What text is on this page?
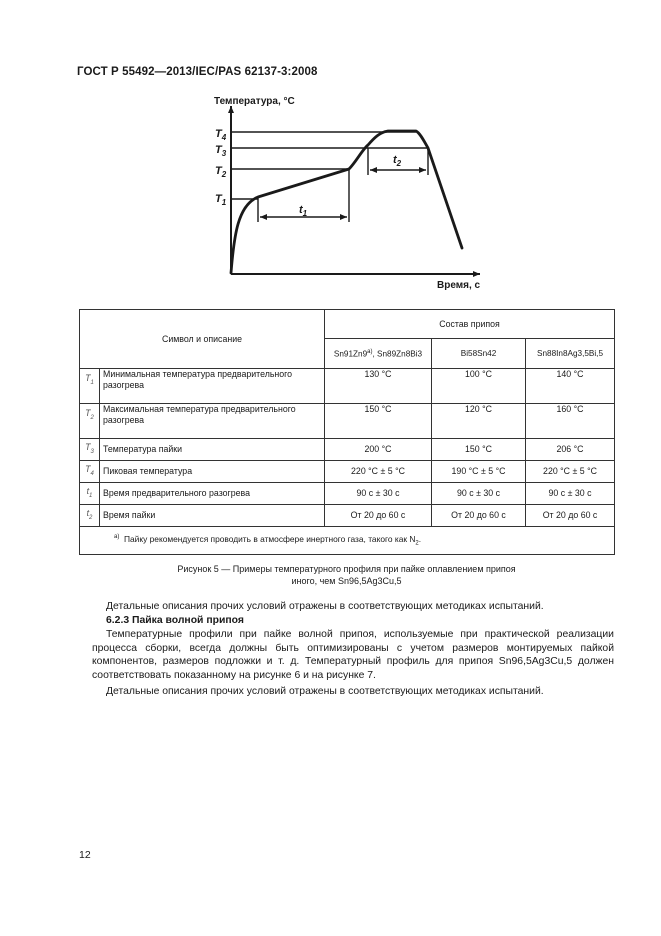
ГОСТ Р 55492—2013/IEC/PAS 62137-3:2008
Температура, °С
Время, с
$T_4$
$T_3$
$T_2$
$T_1$
$t_1$
$t_2$
Символ и описание		Состав припоя		
		$Sn91Zn9^{а)}$, Sn89Zn8Bi3	Bi58Sn42	Sn88In8Ag3,5Bi,5
$T_1$	Минимальная температура предварительного разогрева	130 °С	100 °С	140 °С
$T_2$	Максимальная температура предварительного разогрева	150 °С	120 °С	160 °С
$T_3$	Температура пайки	200 °С	150 °С	206 °С
$T_4$	Пиковая температура	220 °С ± 5 °С	190 °С ± 5 °С	220 °С ± 5 °С
$t_1$	Время предварительного разогрева	90 с ± 30 с	90 с ± 30 с	90 с ± 30 с
$t_2$	Время пайки	От 20 до 60 с	От 20 до 60 с	От 20 до 60 с
$^{а)}$ Пайку рекомендуется проводить в атмосфере инертного газа, такого как $N_2$.				
Рисунок 5 — Примеры температурного профиля при пайке оплавлением припоя
иного, чем Sn96,5Ag3Cu,5
Детальные описания прочих условий отражены в соответствующих методиках испытаний.
6.2.3 Пайка волной припоя
Температурные профили при пайке волной припоя, используемые при практической реализации процесса сборки, всегда должны быть оптимизированы с учетом размеров монтируемых пайкой компонентов, размеров подложки и т. д. Температурный профиль для припоя Sn96,5Ag3Cu,5 должен соответствовать показанному на рисунке 6 и на рисунке 7.
Детальные описания прочих условий отражены в соответствующих методиках испытаний.
12
